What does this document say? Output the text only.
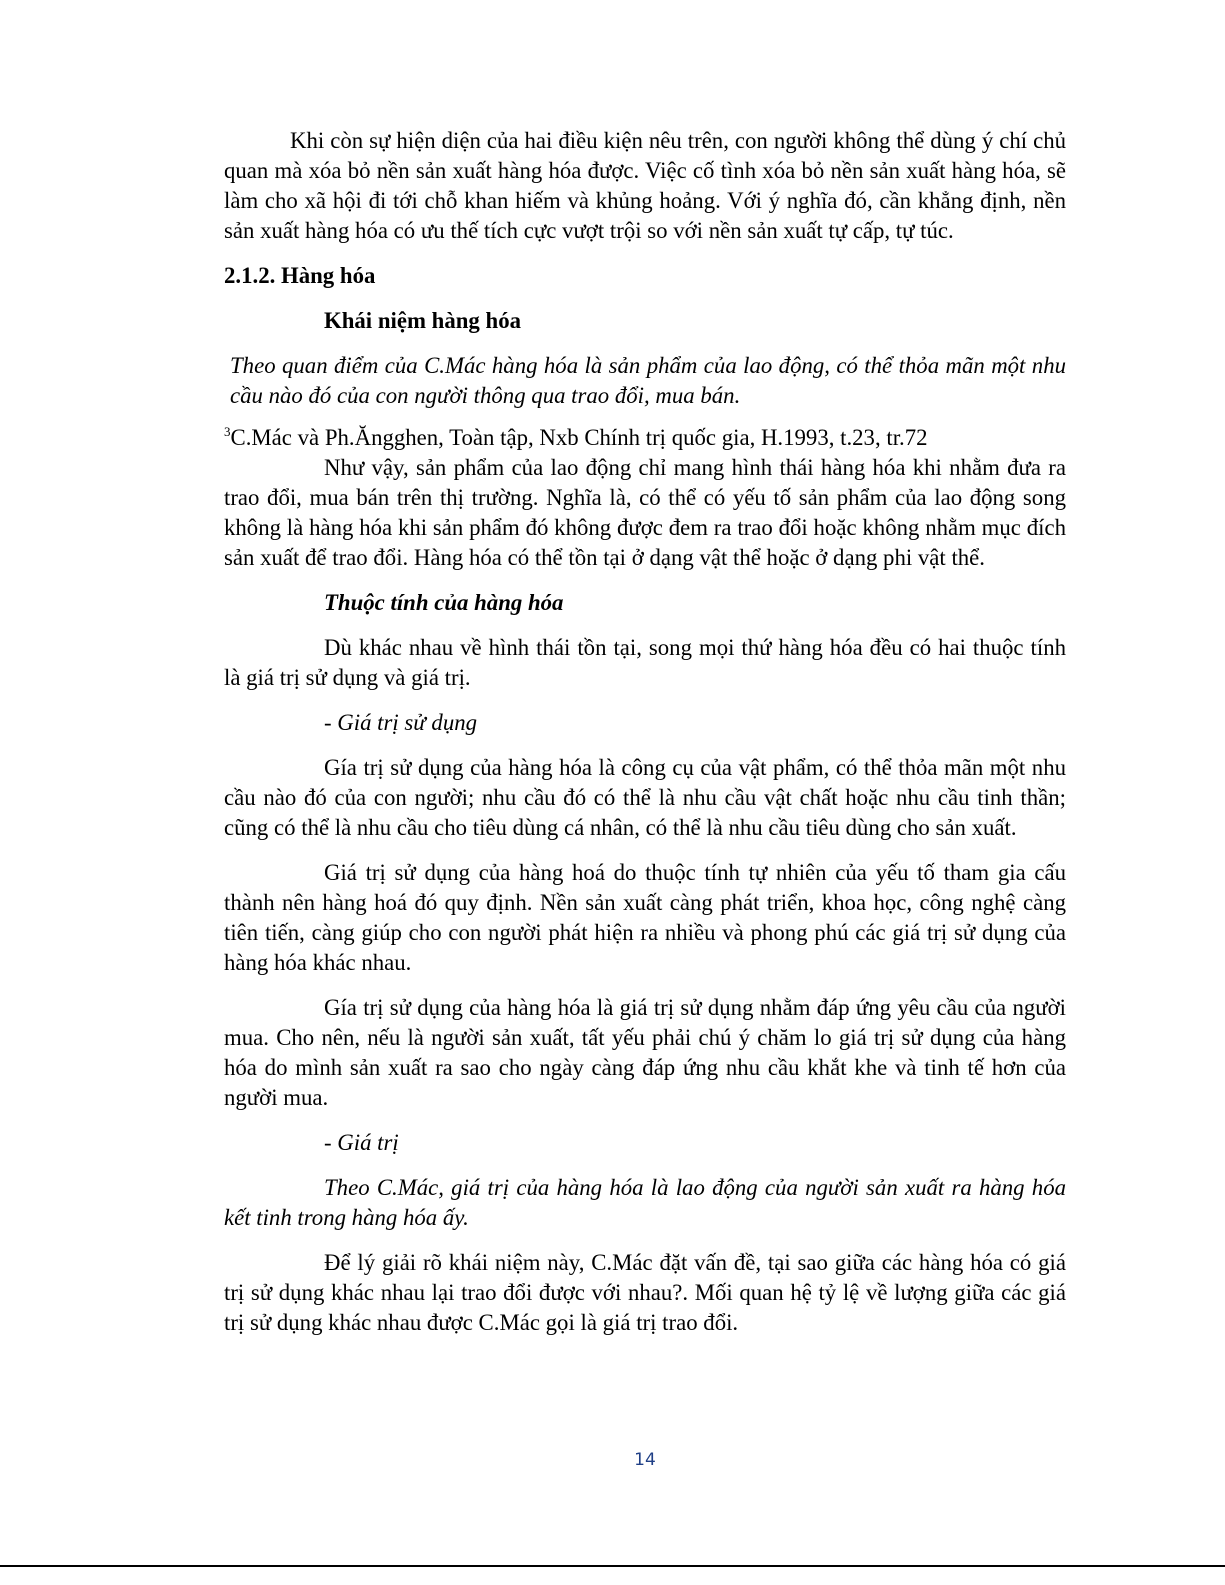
Khi còn sự hiện diện của hai điều kiện nêu trên, con người không thể dùng ý chí chủ quan mà xóa bỏ nền sản xuất hàng hóa được. Việc cố tình xóa bỏ nền sản xuất hàng hóa, sẽ làm cho xã hội đi tới chỗ khan hiếm và khủng hoảng. Với ý nghĩa đó, cần khẳng định, nền sản xuất hàng hóa có ưu thế tích cực vượt trội so với nền sản xuất tự cấp, tự túc.

2.1.2. Hàng hóa
Khái niệm hàng hóa

Theo quan điểm của C.Mác hàng hóa là sản phẩm của lao động, có thể thỏa mãn một nhu cầu nào đó của con người thông qua trao đổi, mua bán.

$^3$C.Mác và Ph.Ăngghen, Toàn tập, Nxb Chính trị quốc gia, H.1993, t.23, tr.72

Như vậy, sản phẩm của lao động chỉ mang hình thái hàng hóa khi nhằm đưa ra trao đổi, mua bán trên thị trường. Nghĩa là, có thể có yếu tố sản phẩm của lao động song không là hàng hóa khi sản phẩm đó không được đem ra trao đổi hoặc không nhằm mục đích sản xuất để trao đổi. Hàng hóa có thể tồn tại ở dạng vật thể hoặc ở dạng phi vật thể.

Thuộc tính của hàng hóa

Dù khác nhau về hình thái tồn tại, song mọi thứ hàng hóa đều có hai thuộc tính là giá trị sử dụng và giá trị.

- Giá trị sử dụng

Gía trị sử dụng của hàng hóa là công cụ của vật phẩm, có thể thỏa mãn một nhu cầu nào đó của con người; nhu cầu đó có thể là nhu cầu vật chất hoặc nhu cầu tinh thần; cũng có thể là nhu cầu cho tiêu dùng cá nhân, có thể là nhu cầu tiêu dùng cho sản xuất.

Giá trị sử dụng của hàng hoá do thuộc tính tự nhiên của yếu tố tham gia cấu thành nên hàng hoá đó quy định. Nền sản xuất càng phát triển, khoa học, công nghệ càng tiên tiến, càng giúp cho con người phát hiện ra nhiều và phong phú các giá trị sử dụng của hàng hóa khác nhau.

Gía trị sử dụng của hàng hóa là giá trị sử dụng nhằm đáp ứng yêu cầu của người mua. Cho nên, nếu là người sản xuất, tất yếu phải chú ý chăm lo giá trị sử dụng của hàng hóa do mình sản xuất ra sao cho ngày càng đáp ứng nhu cầu khắt khe và tinh tế hơn của người mua.

- Giá trị

Theo C.Mác, giá trị của hàng hóa là lao động của người sản xuất ra hàng hóa kết tinh trong hàng hóa ấy.

Để lý giải rõ khái niệm này, C.Mác đặt vấn đề, tại sao giữa các hàng hóa có giá trị sử dụng khác nhau lại trao đổi được với nhau?. Mối quan hệ tỷ lệ về lượng giữa các giá trị sử dụng khác nhau được C.Mác gọi là giá trị trao đổi.

14
